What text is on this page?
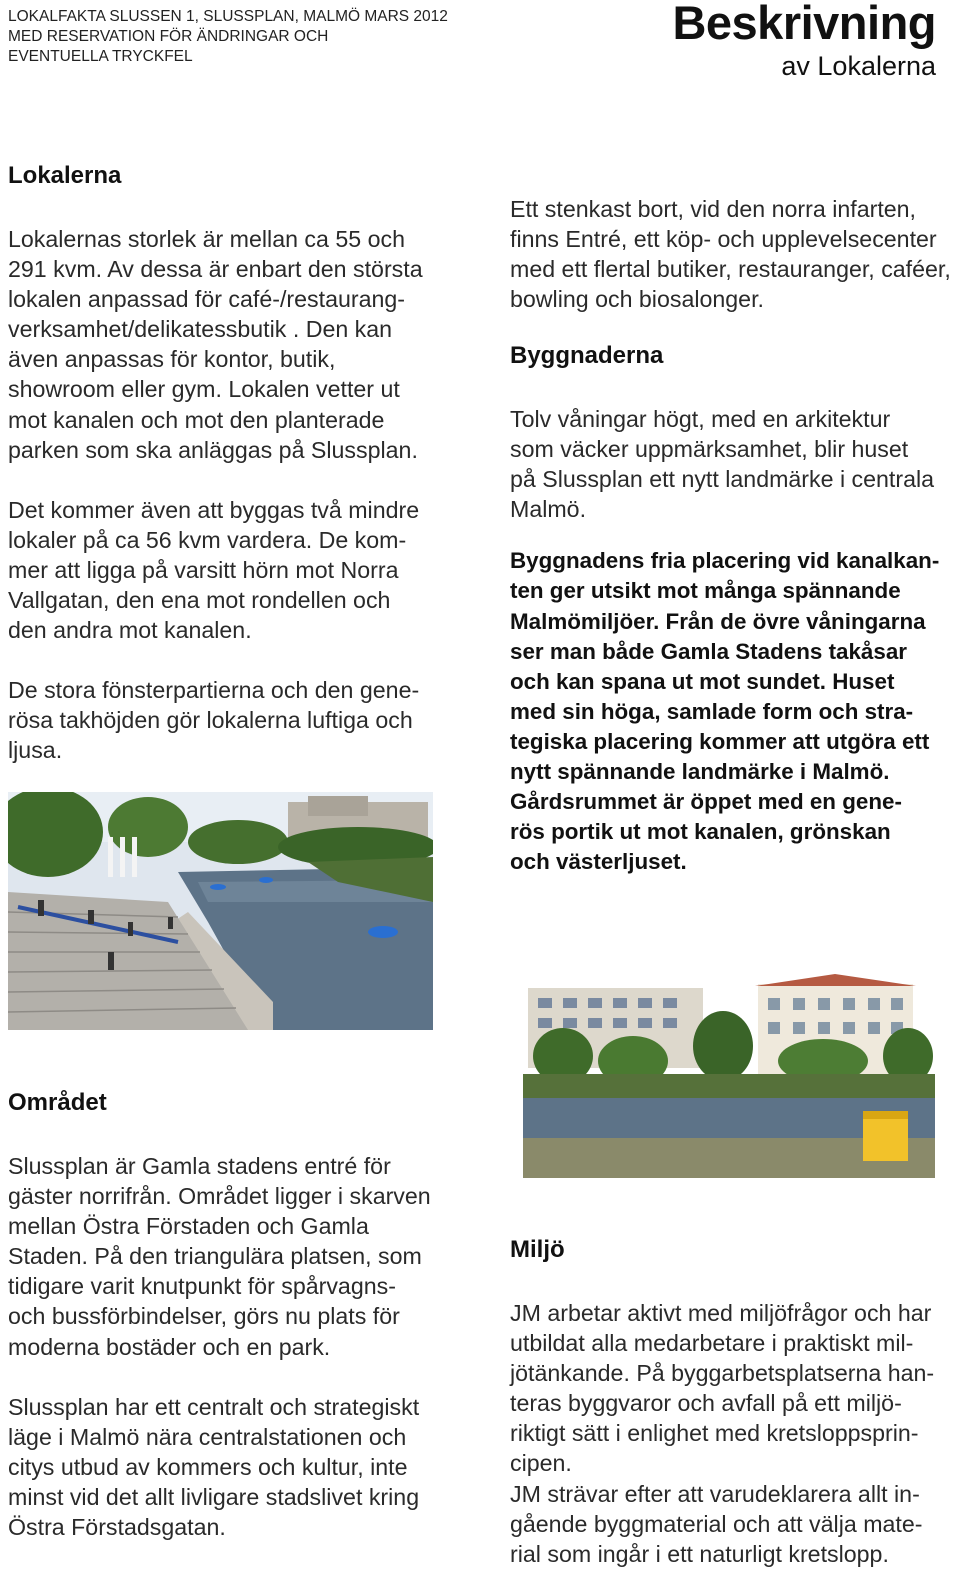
LOKALFAKTA SLUSSEN 1, SLUSSPLAN, MALMÖ MARS 2012
MED RESERVATION FÖR ÄNDRINGAR OCH
EVENTUELLA TRYCKFEL
Beskrivning
av Lokalerna
Lokalerna

Lokalernas storlek är mellan ca 55 och
291 kvm. Av dessa är enbart den största
lokalen anpassad för café-/restaurang-
verksamhet/delikatessbutik . Den kan
även anpassas för kontor, butik,
showroom eller gym. Lokalen vetter ut
mot kanalen och mot den planterade
parken som ska anläggas på Slussplan.

Det kommer även att byggas två mindre
lokaler på ca 56 kvm vardera. De kom-
mer att ligga på varsitt hörn mot Norra
Vallgatan, den ena mot rondellen och
den andra mot kanalen.

De stora fönsterpartierna och den gene-
rösa takhöjden gör lokalerna luftiga och
ljusa.

Området

Slussplan är Gamla stadens entré för
gäster norrifrån. Området ligger i skarven
mellan Östra Förstaden och Gamla
Staden. På den triangulära platsen, som
tidigare varit knutpunkt för spårvagns-
och bussförbindelser, görs nu plats för
moderna bostäder och en park.

Slussplan har ett centralt och strategiskt
läge i Malmö nära centralstationen och
citys utbud av kommers och kultur, inte
minst vid det allt livligare stadslivet kring
Östra Förstadsgatan.

Ett stenkast bort, vid den norra infarten,
finns Entré, ett köp- och upplevelsecenter
med ett flertal butiker, restauranger, caféer,
bowling och biosalonger.

Byggnaderna

Tolv våningar högt, med en arkitektur
som väcker uppmärksamhet, blir huset
på Slussplan ett nytt landmärke i centrala
Malmö.

Byggnadens fria placering vid kanalkan-
ten ger utsikt mot många spännande
Malmömiljöer. Från de övre våningarna
ser man både Gamla Stadens takåsar
och kan spana ut mot sundet. Huset
med sin höga, samlade form och stra-
tegiska placering kommer att utgöra ett
nytt spännande landmärke i Malmö.
Gårdsrummet är öppet med en gene-
rös portik ut mot kanalen, grönskan
och västerljuset.

Miljö

JM arbetar aktivt med miljöfrågor och har
utbildat alla medarbetare i praktiskt mil-
jötänkande. På byggarbetsplatserna han-
teras byggvaror och avfall på ett miljö-
riktigt sätt i enlighet med kretsloppsprin-
cipen.
JM strävar efter att varudeklarera allt in-
gående byggmaterial och att välja mate-
rial som ingår i ett naturligt kretslopp.
